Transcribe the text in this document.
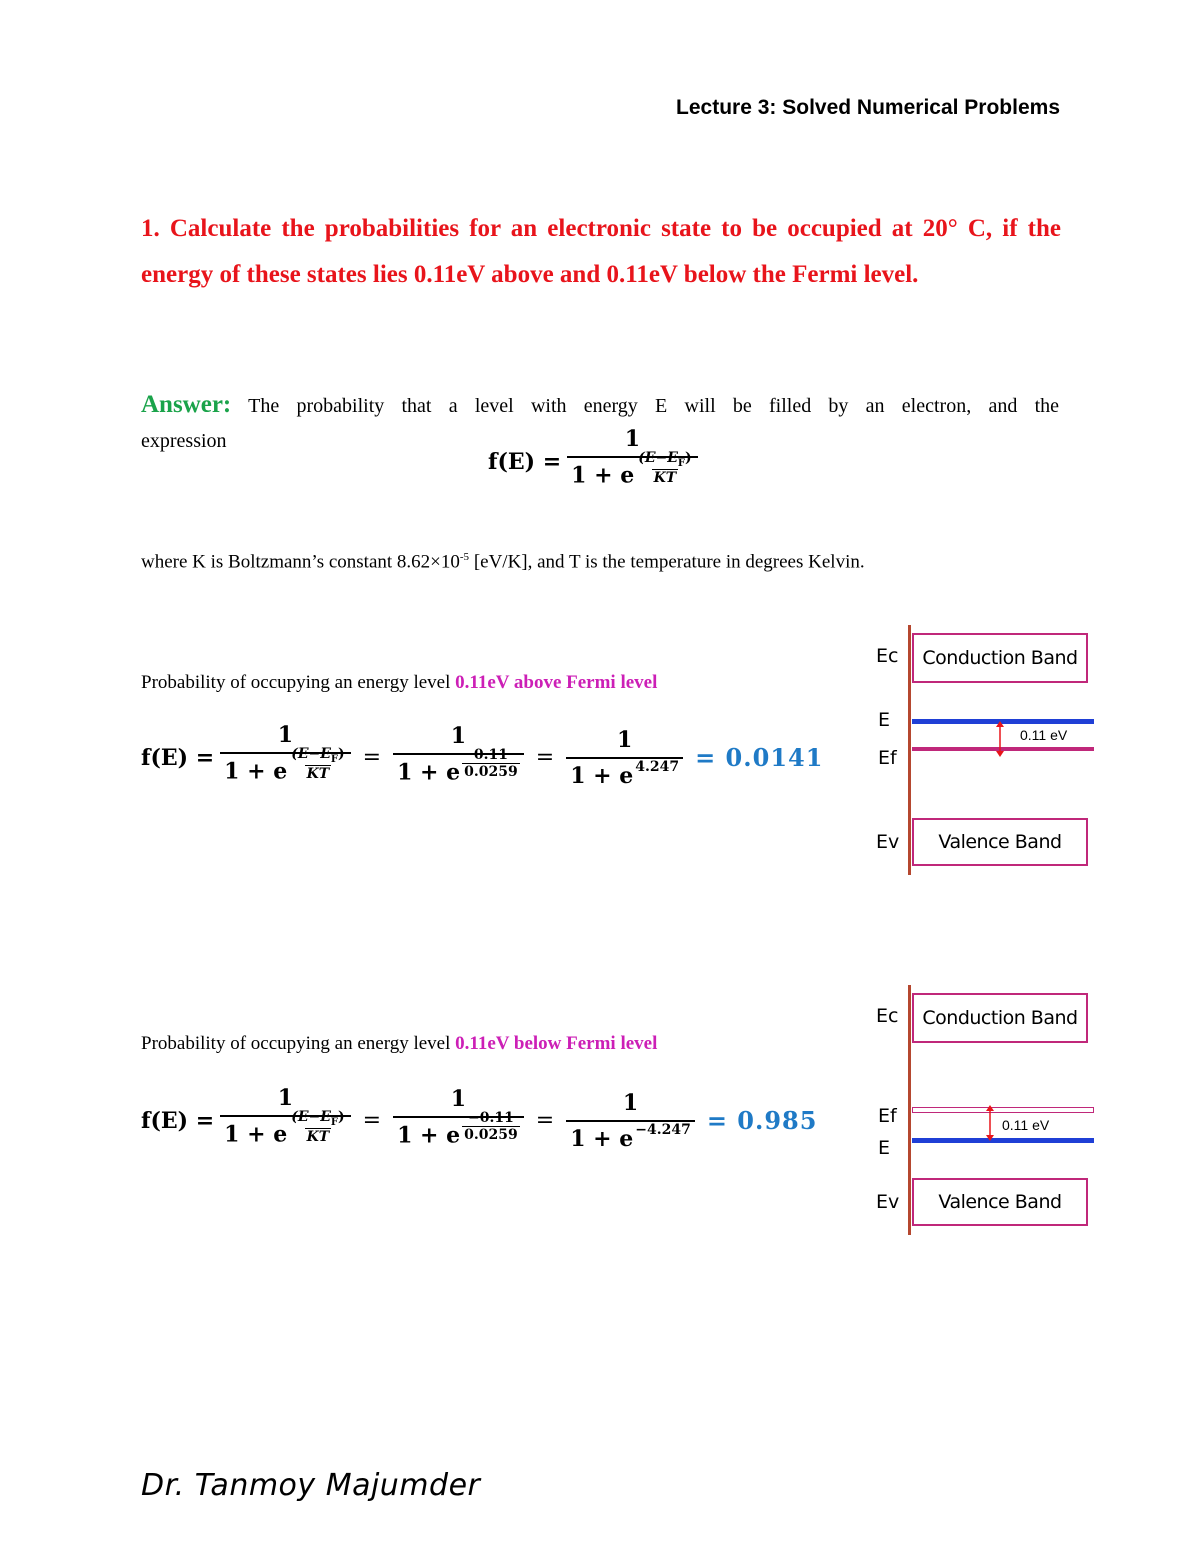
Lecture 3: Solved Numerical Problems
1. Calculate the probabilities for an electronic state to be occupied at 20° C, if the energy of these states lies 0.11eV above and 0.11eV below the Fermi level.
Answer: The probability that a level with energy E will be filled by an electron, and the
expression
$f(E) = \frac{1}{1 + e \frac{(E-E_F)}{KT}}$
where K is Boltzmann’s constant $8.62\times 10^{-5}$ [eV/K], and T is the temperature in degrees Kelvin.
Probability of occupying an energy level 0.11eV above Fermi level
$f(E) = \frac{1}{1 + e \frac{(E-E_F)}{KT}} = \frac{1}{1 + e \frac{0.11}{0.0259}} = \frac{1}{1 + e ^{4.247}} = 0.0141$
Ec	Conduction Band
E
Ef
0.11 eV
Ev	Valence Band
Probability of occupying an energy level 0.11eV below Fermi level
$f(E) = \frac{1}{1 + e \frac{(E-E_F)}{KT}} = \frac{1}{1 + e \frac{-0.11}{0.0259}} = \frac{1}{1 + e ^{-4.247}} = 0.985$
Ec	Conduction Band
Ef
E
0.11 eV
Ev	Valence Band
Dr. Tanmoy Majumder
